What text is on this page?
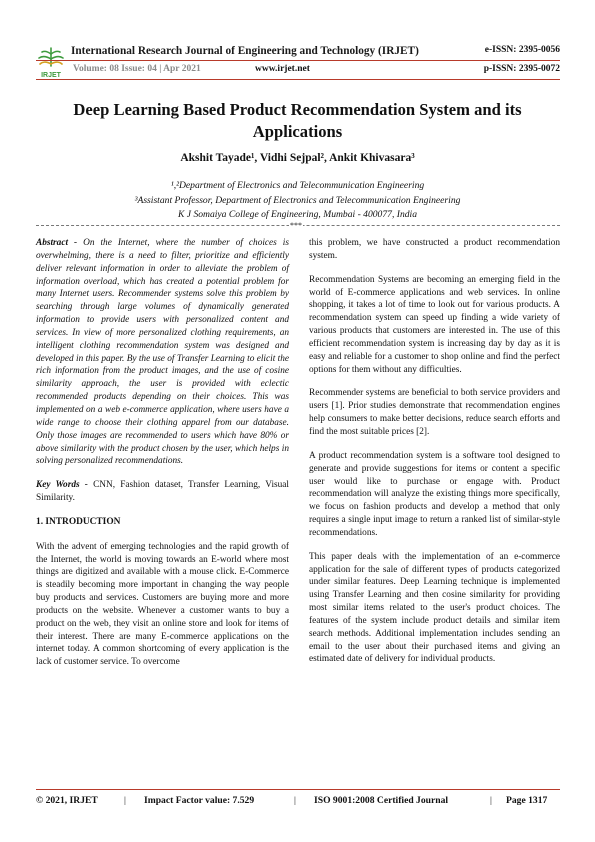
IRJET
International Research Journal of Engineering and Technology (IRJET)	e-ISSN: 2395-0056
Volume: 08 Issue: 04 | Apr 2021	www.irjet.net	p-ISSN: 2395-0072
Deep Learning Based Product Recommendation System and its Applications
Akshit Tayade¹, Vidhi Sejpal², Ankit Khivasara³
¹,²Department of Electronics and Telecommunication Engineering
³Assistant Professor, Department of Electronics and Telecommunication Engineering
K J Somaiya College of Engineering, Mumbai - 400077, India
***

Abstract - On the Internet, where the number of choices is overwhelming, there is a need to filter, prioritize and efficiently deliver relevant information in order to alleviate the problem of information overload, which has created a potential problem for many Internet users. Recommender systems solve this problem by searching through large volumes of dynamically generated information to provide users with personalized content and services. In view of more personalized clothing requirements, an intelligent clothing recommendation system was designed and developed in this paper. By the use of Transfer Learning to elicit the rich information from the product images, and the use of cosine similarity approach, the user is provided with eclectic recommended products depending on their choices. This was implemented on a web e-commerce application, where users have a wide range to choose their clothing apparel from our database. Only those images are recommended to users which have 80% or above similarity with the product chosen by the user, which helps in solving personalized recommendations.

Key Words - CNN, Fashion dataset, Transfer Learning, Visual Similarity.

1. INTRODUCTION

With the advent of emerging technologies and the rapid growth of the Internet, the world is moving towards an E-world where most things are digitized and available with a mouse click. E-Commerce is steadily becoming more important in changing the way people buy products and services. Customers are buying more and more products on the website. Whenever a customer wants to buy a product on the web, they visit an online store and look for items of their interest. There are many E-commerce applications on the internet today. A common shortcoming of every application is the lack of customer service. To overcome

this problem, we have constructed a product recommendation system.

Recommendation Systems are becoming an emerging field in the world of E-commerce applications and web services. In online shopping, it takes a lot of time to look out for various products. A recommendation system can speed up finding a wide variety of various products that customers are interested in. The use of this efficient recommendation system is increasing day by day as it is easy and reliable for a customer to shop online and find the perfect options for them without any difficulties.

Recommender systems are beneficial to both service providers and users [1]. Prior studies demonstrate that recommendation engines help consumers to make better decisions, reduce search efforts and find the most suitable prices [2].

A product recommendation system is a software tool designed to generate and provide suggestions for items or content a specific user would like to purchase or engage with. Product recommendation will analyze the existing things more specifically, we focus on fashion products and develop a method that only requires a single input image to return a ranked list of similar-style recommendations.

This paper deals with the implementation of an e-commerce application for the sale of different types of products categorized under similar features. Deep Learning technique is implemented using Transfer Learning and then cosine similarity for providing most similar items related to the user's product choices. The features of the system include product details and similar item search methods. Additional implementation includes sending an email to the user about their purchased items and giving an estimated date of delivery for individual products.

© 2021, IRJET	| Impact Factor value: 7.529	| ISO 9001:2008 Certified Journal	| Page 1317
